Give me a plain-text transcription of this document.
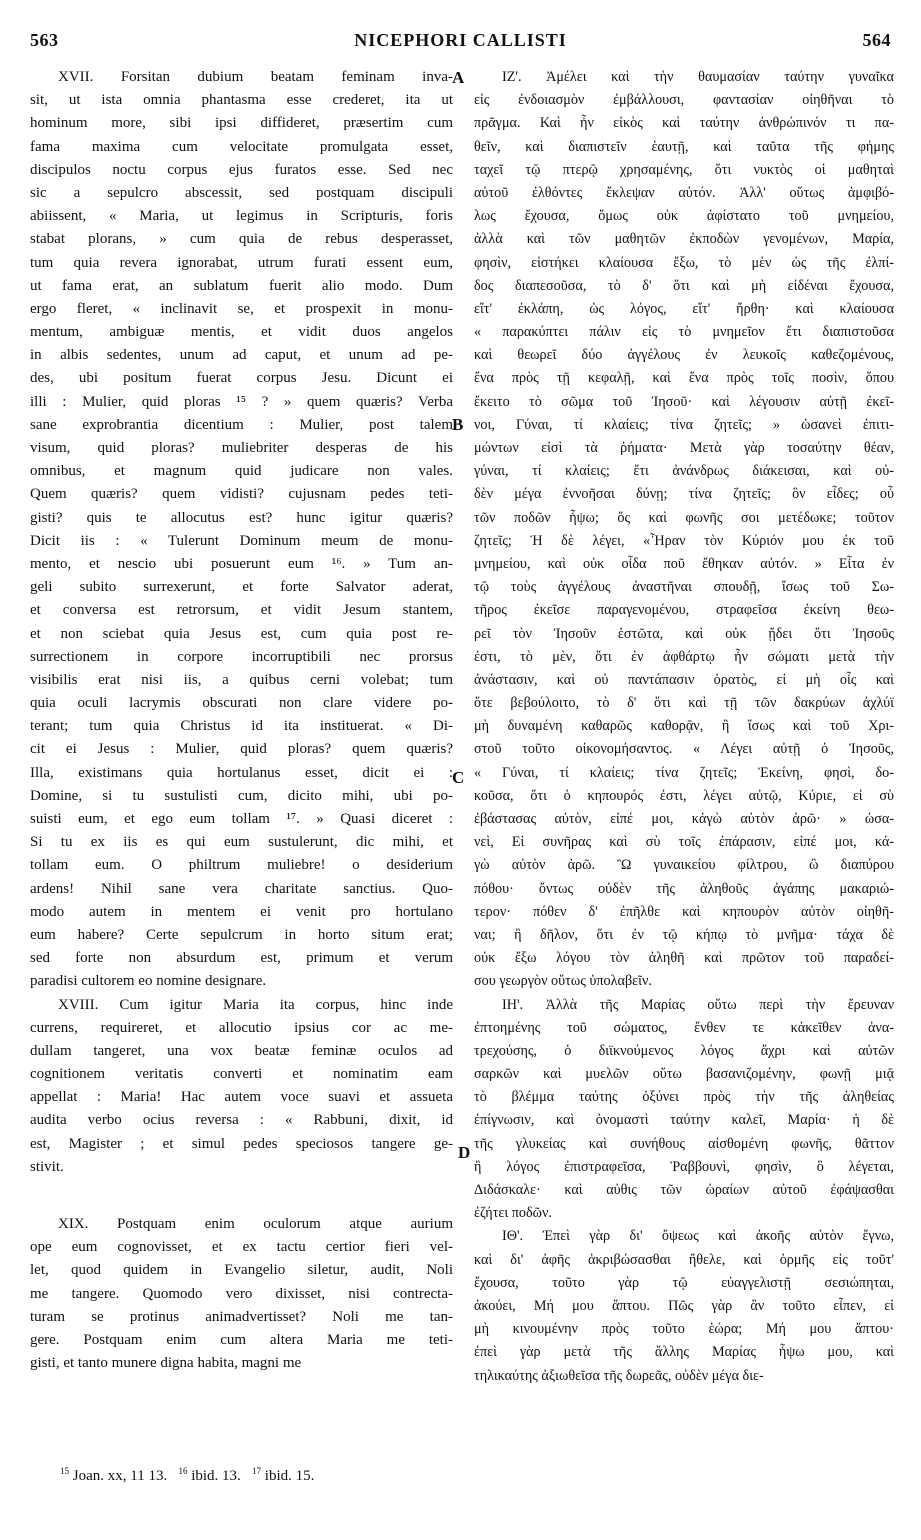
563	NICEPHORI CALLISTI	564
XVII. Forsitan dubium beatam feminam inva-
sit, ut ista omnia phantasma esse crederet, ita ut
hominum more, sibi ipsi diffideret, præsertim cum
fama maxima cum velocitate promulgata esset,
discipulos noctu corpus ejus furatos esse. Sed nec
sic a sepulcro abscessit, sed postquam discipuli
abiissent, « Maria, ut legimus in Scripturis, foris
stabat plorans, » cum quia de rebus desperasset,
tum quia revera ignorabat, utrum furati essent eum,
ut fama erat, an sublatum fuerit alio modo. Dum
ergo fleret, « inclinavit se, et prospexit in monu-
mentum, ambiguæ mentis, et vidit duos angelos
in albis sedentes, unum ad caput, et unum ad pe-
des, ubi positum fuerat corpus Jesu. Dicunt ei
illi : Mulier, quid ploras ¹⁵ ? » quem quæris? Verba
sane exprobrantia dicentium : Mulier, post talem
visum, quid ploras? muliebriter desperas de his
omnibus, et magnum quid judicare non vales.
Quem quæris? quem vidisti? cujusnam pedes teti-
gisti? quis te allocutus est? hunc igitur quæris?
Dicit iis : « Tulerunt Dominum meum de monu-
mento, et nescio ubi posuerunt eum ¹⁶. » Tum an-
geli subito surrexerunt, et forte Salvator aderat,
et conversa est retrorsum, et vidit Jesum stantem,
et non sciebat quia Jesus est, cum quia post re-
surrectionem in corpore incorruptibili nec prorsus
visibilis erat nisi iis, a quibus cerni volebat; tum
quia oculi lacrymis obscurati non clare videre po-
terant; tum quia Christus id ita instituerat. « Di-
cit ei Jesus : Mulier, quid ploras? quem quæris?
Illa, existimans quia hortulanus esset, dicit ei :
Domine, si tu sustulisti cum, dicito mihi, ubi po-
suisti eum, et ego eum tollam ¹⁷. » Quasi diceret :
Si tu ex iis es qui eum sustulerunt, dic mihi, et
tollam eum. O philtrum muliebre! o desiderium
ardens! Nihil sane vera charitate sanctius. Quo-
modo autem in mentem ei venit pro hortulano
eum habere? Certe sepulcrum in horto situm erat;
sed forte non absurdum est, primum et verum
paradisi cultorem eo nomine designare.
XVIII. Cum igitur Maria ita corpus, hinc inde
currens, requireret, et allocutio ipsius cor ac me-
dullam tangeret, una vox beatæ feminæ oculos ad
cognitionem veritatis converti et nominatim eam
appellat : Maria! Hac autem voce suavi et assueta
audita verbo ocius reversa : « Rabbuni, dixit, id
est, Magister ; et simul pedes speciosos tangere ge-
stivit.
XIX. Postquam enim oculorum atque aurium
ope eum cognovisset, et ex tactu certior fieri vel-
let, quod quidem in Evangelio siletur, audit, Noli
me tangere. Quomodo vero dixisset, nisi contrecta-
turam se protinus animadvertisset? Noli me tan-
gere. Postquam enim cum altera Maria me teti-
gisti, et tanto munere digna habita, magni me
ΙΖ'. Ἀμέλει καὶ τὴν θαυμασίαν ταύτην γυναῖκα
εἰς ἐνδοιασμὸν ἐμβάλλουσι, φαντασίαν οἰηθῆναι τὸ
πρᾶγμα. Καὶ ἦν εἰκὸς καὶ ταύτην ἀνθρώπινόν τι πα-
θεῖν, καὶ διαπιστεῖν ἑαυτῇ, καὶ ταῦτα τῆς φήμης
ταχεῖ τῷ πτερῷ χρησαμένης, ὅτι νυκτὸς οἱ μαθηταὶ
αὐτοῦ ἐλθόντες ἔκλεψαν αὐτόν. Ἀλλ' οὕτως ἀμφιβό-
λως ἔχουσα, ὅμως οὐκ ἀφίστατο τοῦ μνημείου,
ἀλλὰ καὶ τῶν μαθητῶν ἐκποδὼν γενομένων, Μαρία,
φησὶν, εἱστήκει κλαίουσα ἔξω, τὸ μὲν ὡς τῆς ἐλπί-
δος διαπεσοῦσα, τὸ δ' ὅτι καὶ μὴ εἰδέναι ἔχουσα,
εἴτ' ἐκλάπη, ὡς λόγος, εἴτ' ἤρθη· καὶ κλαίουσα
« παρακύπτει πάλιν εἰς τὸ μνημεῖον ἔτι διαπιστοῦσα
καὶ θεωρεῖ δύο ἀγγέλους ἐν λευκοῖς καθεζομένους,
ἕνα πρὸς τῇ κεφαλῇ, καὶ ἕνα πρὸς τοῖς ποσὶν, ὅπου
ἔκειτο τὸ σῶμα τοῦ Ἰησοῦ· καὶ λέγουσιν αὐτῇ ἐκεῖ-
νοι, Γύναι, τί κλαίεις; τίνα ζητεῖς; » ὡσανεὶ ἐπιτι-
μώντων εἰσὶ τὰ ῥήματα· Μετὰ γὰρ τοσαύτην θέαν,
γύναι, τί κλαίεις; ἔτι ἀνάνδρως διάκεισαι, καὶ οὐ-
δὲν μέγα ἐννοῆσαι δύνῃ; τίνα ζητεῖς; ὃν εἶδες; οὗ
τῶν ποδῶν ἧψω; ὅς καὶ φωνῆς σοι μετέδωκε; τοῦτον
ζητεῖς; Ἡ δὲ λέγει, «Ἦραν τὸν Κύριόν μου ἐκ τοῦ
μνημείου, καὶ οὐκ οἶδα ποῦ ἔθηκαν αὐτόν. » Εἶτα ἐν
τῷ τοὺς ἀγγέλους ἀναστῆναι σπουδῇ, ἴσως τοῦ Σω-
τῆρος ἐκεῖσε παραγενομένου, στραφεῖσα ἐκείνη θεω-
ρεῖ τὸν Ἰησοῦν ἑστῶτα, καὶ οὐκ ᾔδει ὅτι Ἰησοῦς
ἐστι, τὸ μὲν, ὅτι ἐν ἀφθάρτῳ ἦν σώματι μετὰ τὴν
ἀνάστασιν, καὶ οὐ παντάπασιν ὁρατὸς, εἰ μὴ οἷς καὶ
ὅτε βεβούλοιτο, τὸ δ' ὅτι καὶ τῇ τῶν δακρύων ἀχλύϊ
μὴ δυναμένη καθαρῶς καθορᾷν, ἢ ἴσως καὶ τοῦ Χρι-
στοῦ τοῦτο οἰκονομήσαντος. « Λέγει αὐτῇ ὁ Ἰησοῦς,
« Γύναι, τί κλαίεις; τίνα ζητεῖς; Ἐκείνη, φησὶ, δο-
κοῦσα, ὅτι ὁ κηπουρός ἐστι, λέγει αὐτῷ, Κύριε, εἰ σὺ
ἐβάστασας αὐτὸν, εἰπέ μοι, κἀγὼ αὐτὸν ἀρῶ· » ὡσα-
νεὶ, Εἰ συνῆρας καὶ σὺ τοῖς ἐπάρασιν, εἰπέ μοι, κά-
γὼ αὐτὸν ἀρῶ. Ὢ γυναικείου φίλτρου, ὢ διαπύρου
πόθου· ὄντως οὐδὲν τῆς ἀληθοῦς ἀγάπης μακαριώ-
τερον· πόθεν δ' ἐπῆλθε καὶ κηπουρὸν αὐτὸν οἰηθῆ-
ναι; ἢ δῆλον, ὅτι ἐν τῷ κήπῳ τὸ μνῆμα· τάχα δὲ
οὐκ ἔξω λόγου τὸν ἀληθῆ καὶ πρῶτον τοῦ παραδεί-
σου γεωργὸν οὕτως ὑπολαβεῖν.
ΙΗ'. Ἀλλὰ τῆς Μαρίας οὕτω περὶ τὴν ἔρευναν
ἐπτοημένης τοῦ σώματος, ἔνθεν τε κἀκεῖθεν ἀνα-
τρεχούσης, ὁ διϊκνούμενος λόγος ἄχρι καὶ αὐτῶν
σαρκῶν καὶ μυελῶν οὕτω βασανιζομένην, φωνῇ μιᾷ
τὸ βλέμμα ταύτης ὀξύνει πρὸς τὴν τῆς ἀληθείας
ἐπίγνωσιν, καὶ ὀνομαστὶ ταύτην καλεῖ, Μαρία· ἡ δὲ
τῆς γλυκείας καὶ συνήθους αἰσθομένη φωνῆς, θᾶττον
ἢ λόγος ἐπιστραφεῖσα, Ῥαββουνὶ, φησὶν, ὃ λέγεται,
Διδάσκαλε· καὶ αὐθις τῶν ὡραίων αὐτοῦ ἐφάψασθαι
ἐζήτει ποδῶν.
ΙΘ'. Ἐπεὶ γὰρ δι' ὄψεως καὶ ἀκοῆς αὐτὸν ἔγνω,
καὶ δι' ἀφῆς ἀκριβώσασθαι ἤθελε, καὶ ὁρμῆς εἰς τοῦτ'
ἔχουσα, τοῦτο γὰρ τῷ εὐαγγελιστῇ σεσιώπηται,
ἀκούει, Μή μου ἅπτου. Πῶς γὰρ ἂν τοῦτο εἶπεν, εἰ
μὴ κινουμένην πρὸς τοῦτο ἑώρα; Μή μου ἅπτου·
ἐπεὶ γὰρ μετὰ τῆς ἄλλης Μαρίας ἧψω μου, καὶ
τηλικαύτης ἀξιωθεῖσα τῆς δωρεᾶς, οὐδὲν μέγα διε-
A
B
C
D
$^{15}$ Joan. xx, 11 13. $^{16}$ ibid. 13. $^{17}$ ibid. 15.
